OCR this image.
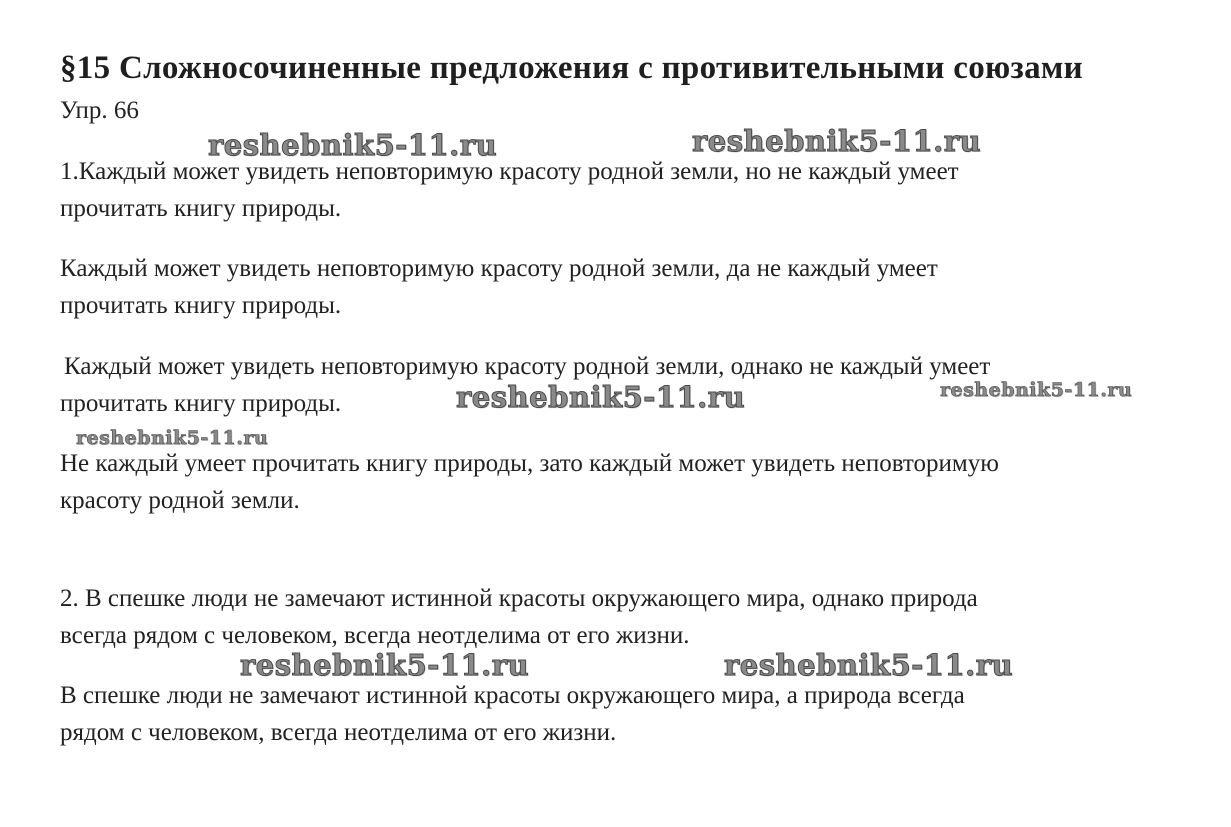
§15 Сложносочиненные предложения с противительными союзами
Упр. 66

1.Каждый может увидеть неповторимую красоту родной земли, но не каждый умеет
прочитать книгу природы.

Каждый может увидеть неповторимую красоту родной земли, да не каждый умеет
прочитать книгу природы.

Каждый может увидеть неповторимую красоту родной земли, однако не каждый умеет
прочитать книгу природы.

Не каждый умеет прочитать книгу природы, зато каждый может увидеть неповторимую
красоту родной земли.

2. В спешке люди не замечают истинной красоты окружающего мира, однако природа
всегда рядом с человеком, всегда неотделима от его жизни.

В спешке люди не замечают истинной красоты окружающего мира, а природа всегда
рядом с человеком, всегда неотделима от его жизни.

reshebnik5-11.ru	reshebnik5-11.ru
reshebnik5-11.ru	reshebnik5-11.ru
reshebnik5-11.ru
reshebnik5-11.ru	reshebnik5-11.ru
